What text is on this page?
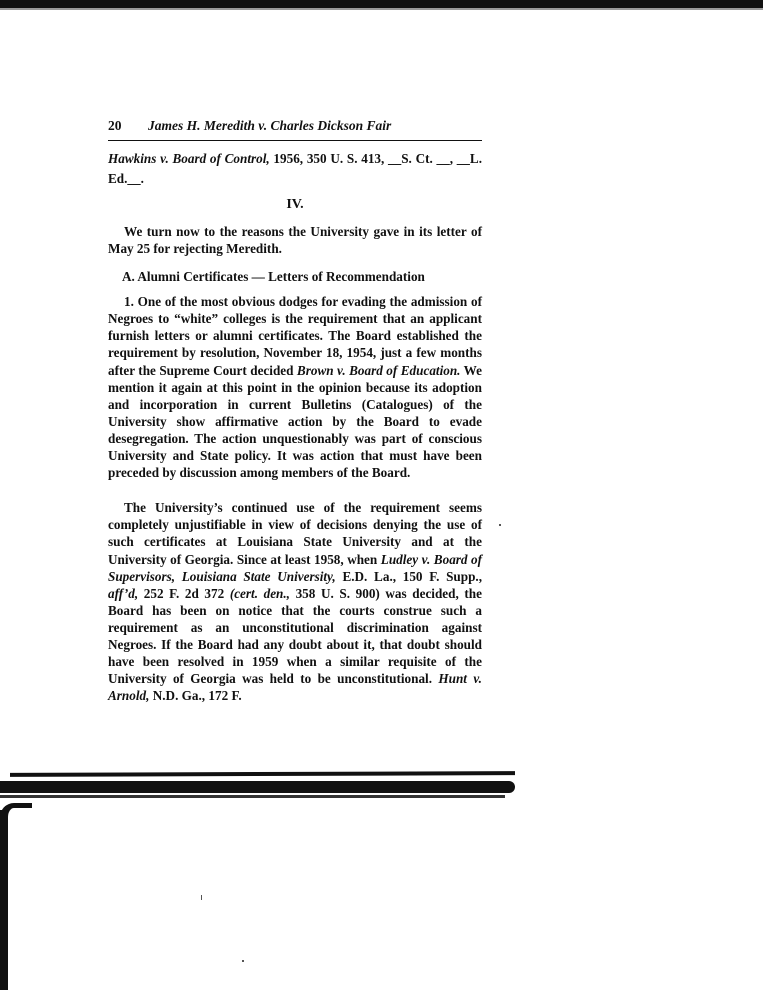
20	James H. Meredith v. Charles Dickson Fair
Hawkins v. Board of Control, 1956, 350 U. S. 413, __S. Ct. __, __L. Ed.__.
IV.

We turn now to the reasons the University gave in its letter of May 25 for rejecting Meredith.

A. Alumni Certificates — Letters of Recommendation

1. One of the most obvious dodges for evading the admission of Negroes to “white” colleges is the requirement that an applicant furnish letters or alumni certificates. The Board established the requirement by resolution, November 18, 1954, just a few months after the Supreme Court decided Brown v. Board of Education. We mention it again at this point in the opinion because its adoption and incorporation in current Bulletins (Catalogues) of the University show affirmative action by the Board to evade desegregation. The action unquestionably was part of conscious University and State policy. It was action that must have been preceded by discussion among members of the Board.

The University’s continued use of the requirement seems completely unjustifiable in view of decisions denying the use of such certificates at Louisiana State University and at the University of Georgia. Since at least 1958, when Ludley v. Board of Supervisors, Louisiana State University, E.D. La., 150 F. Supp., aff’d, 252 F. 2d 372 (cert. den., 358 U. S. 900) was decided, the Board has been on notice that the courts construe such a requirement as an unconstitutional discrimination against Negroes. If the Board had any doubt about it, that doubt should have been resolved in 1959 when a similar requisite of the University of Georgia was held to be unconstitutional. Hunt v. Arnold, N.D. Ga., 172 F.
